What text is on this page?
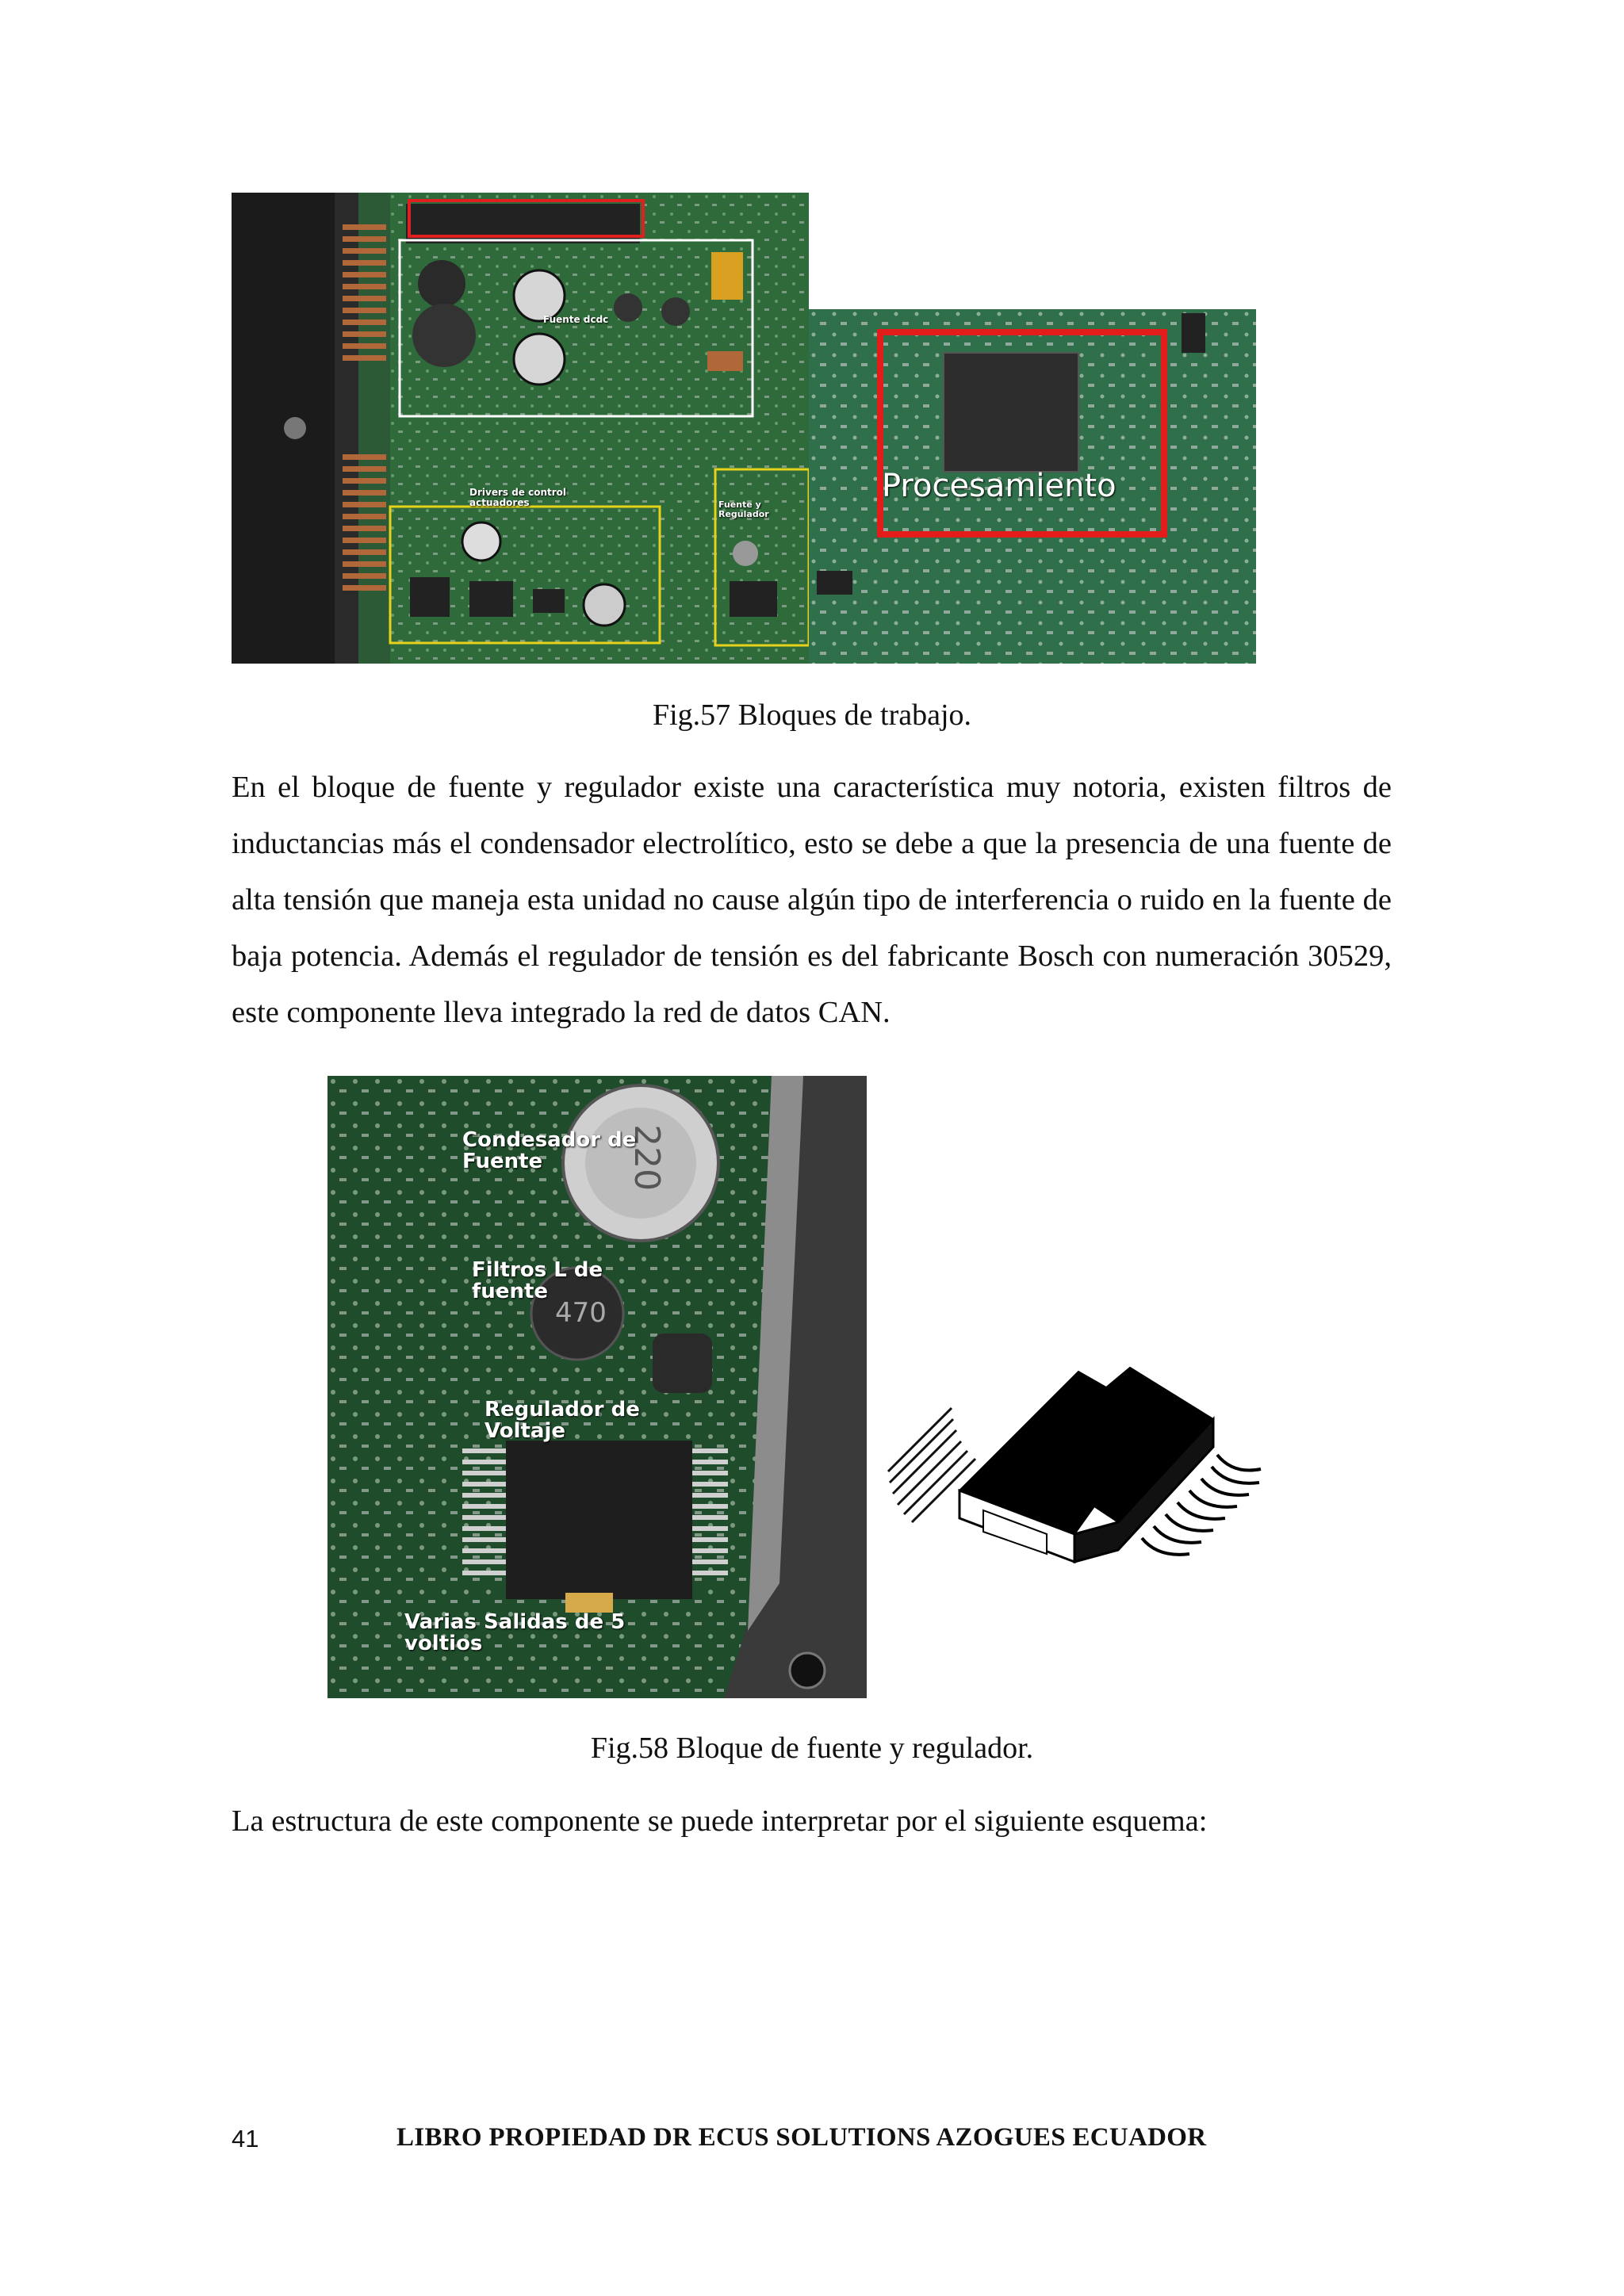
Fuente dcdc
Drivers de control actuadores	Fuente y Regulador
Procesamiento
Fig.57 Bloques de trabajo.
En el bloque de fuente y regulador existe una característica muy notoria, existen filtros de inductancias más el condensador electrolítico, esto se debe a que la presencia de una fuente de alta tensión que maneja esta unidad no cause algún tipo de interferencia o ruido en la fuente de baja potencia. Además el regulador de tensión es del fabricante Bosch con numeración 30529, este componente lleva integrado la red de datos CAN.
220
470
Condesador de Fuente
Filtros L de fuente
Regulador de Voltaje
Varias Salidas de 5 voltios
Fig.58 Bloque de fuente y regulador.
La estructura de este componente se puede interpretar por el siguiente esquema:
41	LIBRO PROPIEDAD DR ECUS SOLUTIONS AZOGUES ECUADOR
